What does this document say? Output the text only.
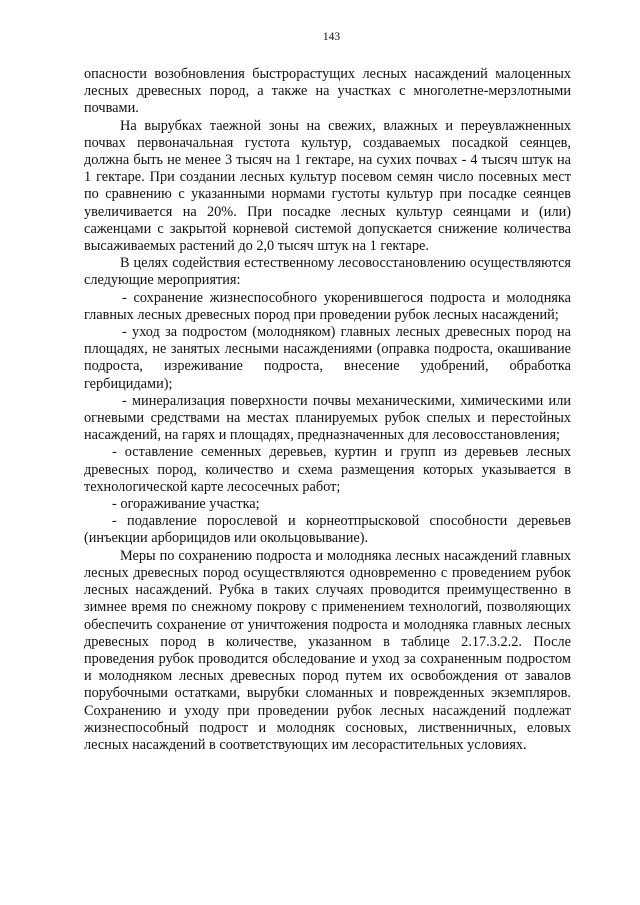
143

опасности возобновления быстрорастущих лесных насаждений малоценных лесных древесных пород, а также на участках с многолетне-мерзлотными почвами.

На вырубках таежной зоны на свежих, влажных и переувлажненных почвах первоначальная густота культур, создаваемых посадкой сеянцев, должна быть не менее 3 тысяч на 1 гектаре, на сухих почвах - 4 тысяч штук на 1 гектаре. При создании лесных культур посевом семян число посевных мест по сравнению с указанными нормами густоты культур при посадке сеянцев увеличивается на 20%. При посадке лесных культур сеянцами и (или) саженцами с закрытой корневой системой допускается снижение количества высаживаемых растений до 2,0 тысяч штук на 1 гектаре.

В целях содействия естественному лесовосстановлению осуществляются следующие мероприятия:

- сохранение жизнеспособного укоренившегося подроста и молодняка главных лесных древесных пород при проведении рубок лесных насаждений;

- уход за подростом (молодняком) главных лесных древесных пород на площадях, не занятых лесными насаждениями (оправка подроста, окашивание подроста, изреживание подроста, внесение удобрений, обработка гербицидами);

- минерализация поверхности почвы механическими, химическими или огневыми средствами на местах планируемых рубок спелых и перестойных насаждений, на гарях и площадях, предназначенных для лесовосстановления;

- оставление семенных деревьев, куртин и групп из деревьев лесных древесных пород, количество и схема размещения которых указывается в технологической карте лесосечных работ;

- огораживание участка;

- подавление порослевой и корнеотпрысковой способности деревьев (инъекции арборицидов или окольцовывание).

Меры по сохранению подроста и молодняка лесных насаждений главных лесных древесных пород осуществляются одновременно с проведением рубок лесных насаждений. Рубка в таких случаях проводится преимущественно в зимнее время по снежному покрову с применением технологий, позволяющих обеспечить сохранение от уничтожения подроста и молодняка главных лесных древесных пород в количестве, указанном в таблице 2.17.3.2.2. После проведения рубок проводится обследование и уход за сохраненным подростом и молодняком лесных древесных пород путем их освобождения от завалов порубочными остатками, вырубки сломанных и поврежденных экземпляров. Сохранению и уходу при проведении рубок лесных насаждений подлежат жизнеспособный подрост и молодняк сосновых, лиственничных, еловых лесных насаждений в соответствующих им лесорастительных условиях.
